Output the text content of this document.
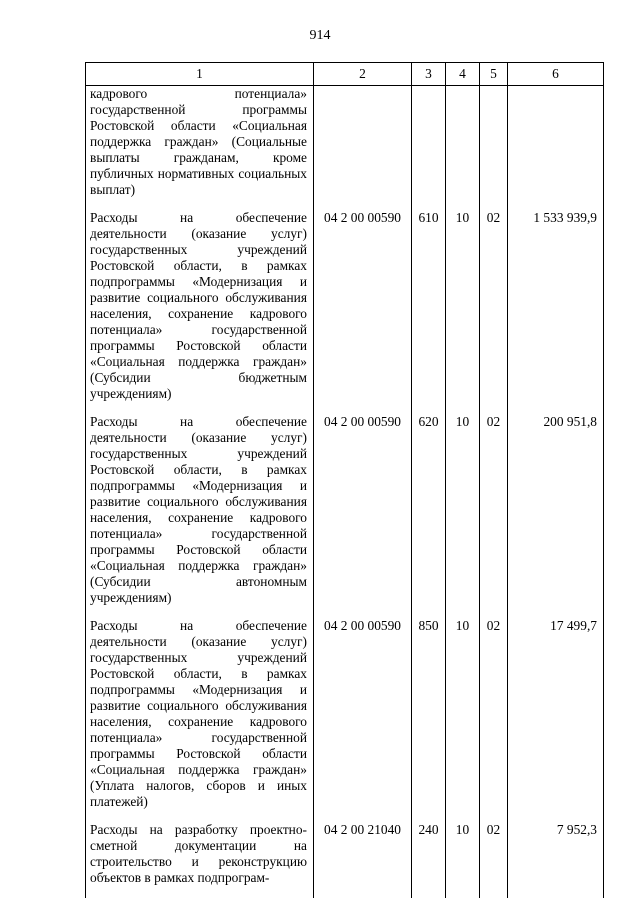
914
1	2	3	4	5	6
кадрового потенциала» государственной программы Ростовской области «Социальная поддержка граждан» (Социальные выплаты гражданам, кроме публичных нормативных социальных выплат)					
Расходы на обеспечение деятельности (оказание услуг) государственных учреждений Ростовской области, в рамках подпрограммы «Модернизация и развитие социального обслуживания населения, сохранение кадрового потенциала» государственной программы Ростовской области «Социальная поддержка граждан» (Субсидии бюджетным учреждениям)	04 2 00 00590	610	10	02	1 533 939,9
Расходы на обеспечение деятельности (оказание услуг) государственных учреждений Ростовской области, в рамках подпрограммы «Модернизация и развитие социального обслуживания населения, сохранение кадрового потенциала» государственной программы Ростовской области «Социальная поддержка граждан» (Субсидии автономным учреждениям)	04 2 00 00590	620	10	02	200 951,8
Расходы на обеспечение деятельности (оказание услуг) государственных учреждений Ростовской области, в рамках подпрограммы «Модернизация и развитие социального обслуживания населения, сохранение кадрового потенциала» государственной программы Ростовской области «Социальная поддержка граждан» (Уплата налогов, сборов и иных платежей)	04 2 00 00590	850	10	02	17 499,7
Расходы на разработку проектно-сметной документации на строительство и реконструкцию объектов в рамках подпрограм-	04 2 00 21040	240	10	02	7 952,3
